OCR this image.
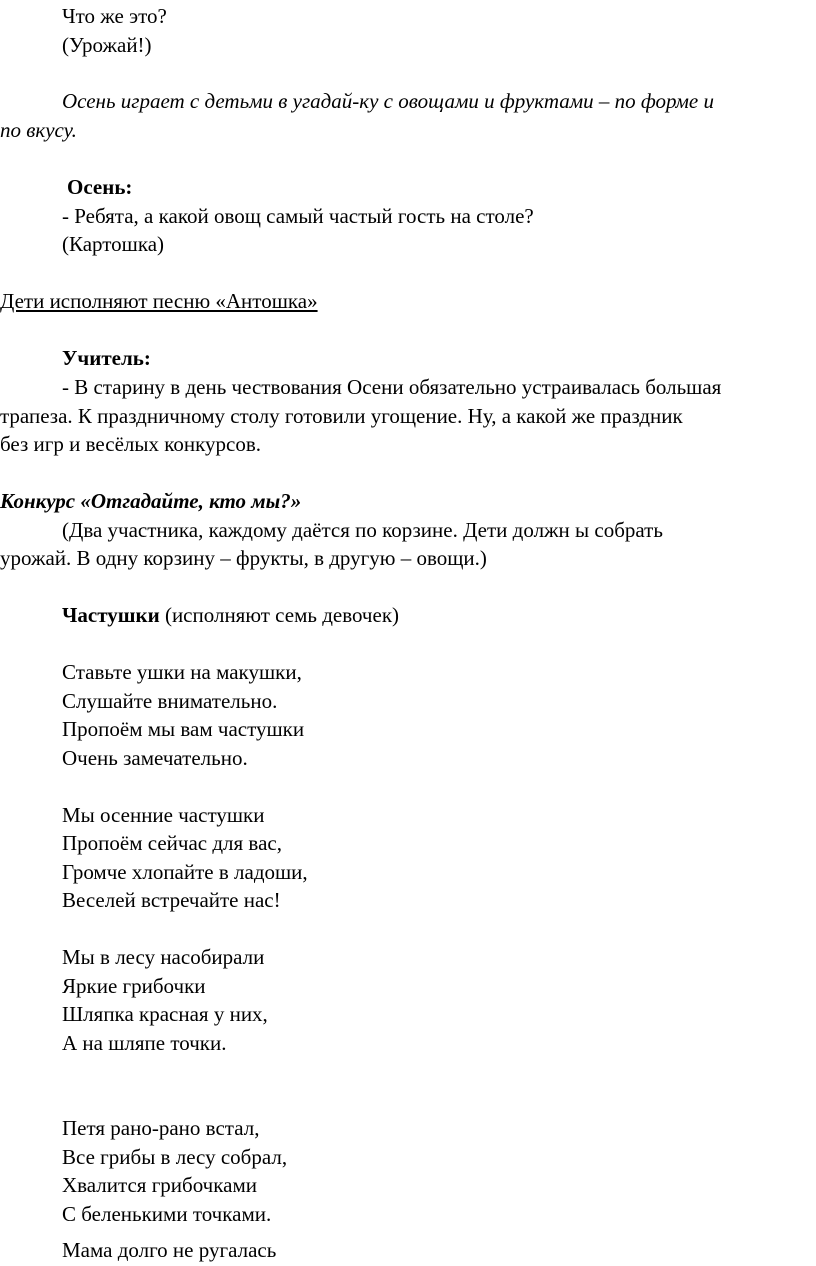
Что же это?
(Урожай!)
Осень играет с детьми в угадай-ку с овощами и фруктами – по форме и
по вкусу.
Осень:
- Ребята, а какой овощ самый частый гость на столе?
(Картошка)
Дети исполняют песню «Антошка»
Учитель:
- В старину в день чествования Осени обязательно устраивалась большая
трапеза. К праздничному столу готовили угощение. Ну, а какой же праздник
без игр и весёлых конкурсов.
Конкурс «Отгадайте, кто мы?»
(Два участника, каждому даётся по корзине. Дети должн ы собрать
урожай. В одну корзину – фрукты, в другую – овощи.)
Частушки (исполняют семь девочек)
Ставьте ушки на макушки,
Слушайте внимательно.
Пропоём мы вам частушки
Очень замечательно.
Мы осенние частушки
Пропоём сейчас для вас,
Громче хлопайте в ладоши,
Веселей встречайте нас!
Мы в лесу насобирали
Яркие грибочки
Шляпка красная у них,
А на шляпе точки.
Петя рано-рано встал,
Все грибы в лесу собрал,
Хвалится грибочками
С беленькими точками.
Мама долго не ругалась
